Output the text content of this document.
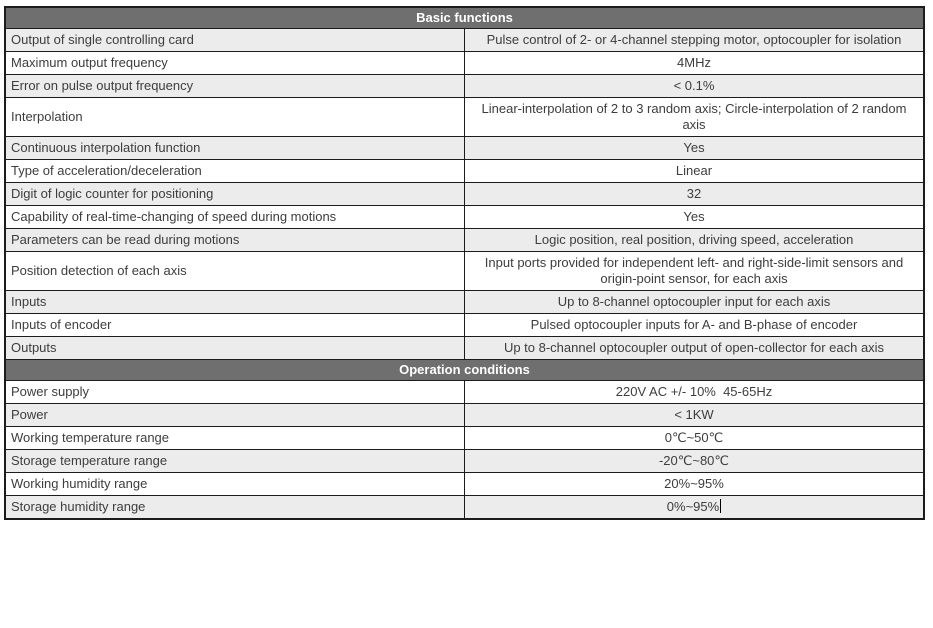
Basic functions	
Output of single controlling card	Pulse control of 2- or 4-channel stepping motor, optocoupler for isolation
Maximum output frequency	4MHz
Error on pulse output frequency	< 0.1%
Interpolation	Linear-interpolation of 2 to 3 random axis; Circle-interpolation of 2 random axis
Continuous interpolation function	Yes
Type of acceleration/deceleration	Linear
Digit of logic counter for positioning	32
Capability of real-time-changing of speed during motions	Yes
Parameters can be read during motions	Logic position, real position, driving speed, acceleration
Position detection of each axis	Input ports provided for independent left- and right-side-limit sensors and origin-point sensor, for each axis
Inputs	Up to 8-channel optocoupler input for each axis
Inputs of encoder	Pulsed optocoupler inputs for A- and B-phase of encoder
Outputs	Up to 8-channel optocoupler output of open-collector for each axis
Operation conditions	
Power supply	220V AC +/- 10%  45-65Hz
Power	< 1KW
Working temperature range	0℃~50℃
Storage temperature range	-20℃~80℃
Working humidity range	20%~95%
Storage humidity range	0%~95%
